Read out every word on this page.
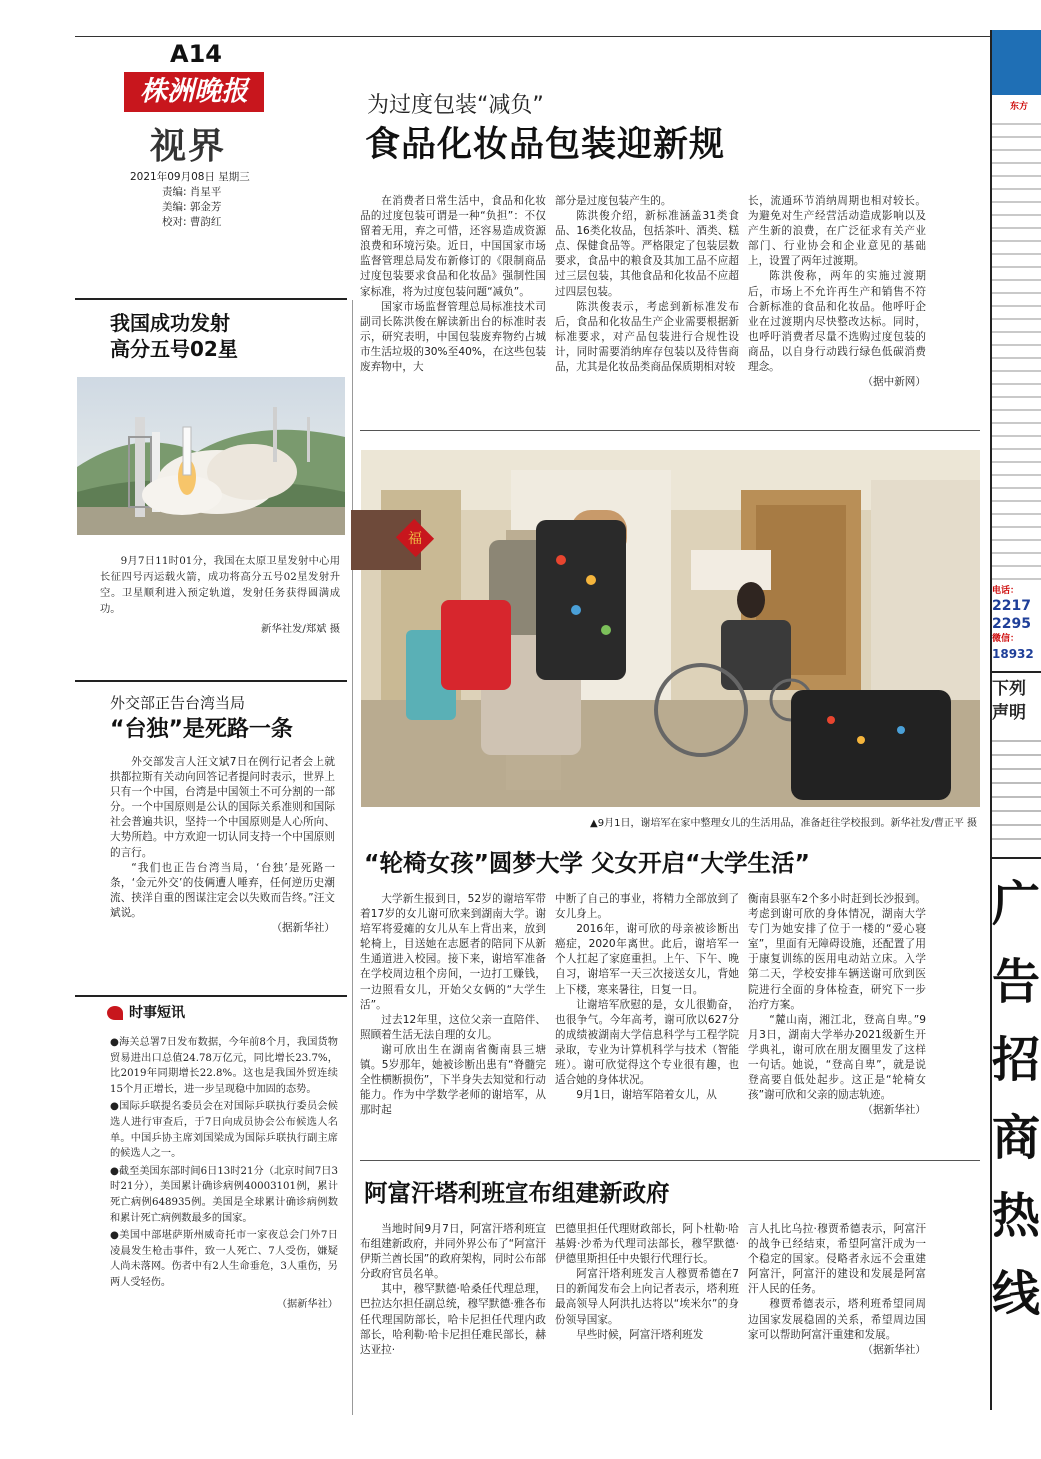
A14
株洲晚报
视界
2021年09月08日 星期三
责编: 肖星平
美编: 郭金芳
校对: 曹韵红
为过度包装“减负”
食品化妆品包装迎新规

在消费者日常生活中，食品和化妆品的过度包装可谓是一种“负担”：不仅留着无用，弃之可惜，还容易造成资源浪费和环境污染。近日，中国国家市场监督管理总局发布新修订的《限制商品过度包装要求食品和化妆品》强制性国家标准，将为过度包装问题“减负”。

国家市场监督管理总局标准技术司副司长陈洪俊在解读新出台的标准时表示，研究表明，中国包装废弃物约占城市生活垃圾的30%至40%，在这些包装废弃物中，大

部分是过度包装产生的。

陈洪俊介绍，新标准涵盖31类食品、16类化妆品，包括茶叶、酒类、糕点、保健食品等。严格限定了包装层数要求，食品中的粮食及其加工品不应超过三层包装，其他食品和化妆品不应超过四层包装。

陈洪俊表示，考虑到新标准发布后，食品和化妆品生产企业需要根据新标准要求，对产品包装进行合规性设计，同时需要消纳库存包装以及待售商品，尤其是化妆品类商品保质期相对较

长，流通环节消纳周期也相对较长。为避免对生产经营活动造成影响以及产生新的浪费，在广泛征求有关产业部门、行业协会和企业意见的基础上，设置了两年过渡期。

陈洪俊称，两年的实施过渡期后，市场上不允许再生产和销售不符合新标准的食品和化妆品。他呼吁企业在过渡期内尽快整改达标。同时，也呼吁消费者尽量不选购过度包装的商品，以自身行动践行绿色低碳消费理念。

（据中新网）
我国成功发射
高分五号02星

9月7日11时01分，我国在太原卫星发射中心用长征四号丙运载火箭，成功将高分五号02星发射升空。卫星顺利进入预定轨道，发射任务获得圆满成功。

新华社发/郑斌 摄
外交部正告台湾当局
“台独”是死路一条

外交部发言人汪文斌7日在例行记者会上就拱都拉斯有关动向回答记者提问时表示，世界上只有一个中国，台湾是中国领土不可分割的一部分。一个中国原则是公认的国际关系准则和国际社会普遍共识，坚持一个中国原则是人心所向、大势所趋。中方欢迎一切认同支持一个中国原则的言行。

“我们也正告台湾当局，‘台独’是死路一条，‘金元外交’的伎俩遭人唾弃，任何逆历史潮流、挟洋自重的图谋注定会以失败而告终。”汪文斌说。

（据新华社）
时事短讯

●海关总署7日发布数据，今年前8个月，我国货物贸易进出口总值24.78万亿元，同比增长23.7%，比2019年同期增长22.8%。这也是我国外贸连续15个月正增长，进一步呈现稳中加固的态势。

●国际乒联提名委员会在对国际乒联执行委员会候选人进行审查后，于7日向成员协会公布候选人名单。中国乒协主席刘国梁成为国际乒联执行副主席的候选人之一。

●截至美国东部时间6日13时21分（北京时间7日3时21分），美国累计确诊病例40003101例，累计死亡病例648935例。美国是全球累计确诊病例数和累计死亡病例数最多的国家。

●美国中部堪萨斯州威奇托市一家夜总会门外7日凌晨发生枪击事件，致一人死亡、7人受伤，嫌疑人尚未落网。伤者中有2人生命垂危，3人重伤，另两人受轻伤。

（据新华社）
福
▲9月1日，谢培军在家中整理女儿的生活用品，准备赶往学校报到。新华社发/曹正平 摄
“轮椅女孩”圆梦大学 父女开启“大学生活”

大学新生报到日，52岁的谢培军带着17岁的女儿谢可欣来到湖南大学。谢培军将爱瘫的女儿从车上背出来，放到轮椅上，目送她在志愿者的陪同下从新生通道进入校园。接下来，谢培军准备在学校周边租个房间，一边打工赚钱，一边照看女儿，开始父女俩的“大学生活”。

过去12年里，这位父亲一直陪伴、照顾着生活无法自理的女儿。

谢可欣出生在湖南省衡南县三塘镇。5岁那年，她被诊断出患有“脊髓完全性横断损伤”，下半身失去知觉和行动能力。作为中学数学老师的谢培军，从那时起

中断了自己的事业，将精力全部放到了女儿身上。

2016年，谢可欣的母亲被诊断出癌症，2020年离世。此后，谢培军一个人扛起了家庭重担。上午、下午、晚自习，谢培军一天三次接送女儿，背她上下楼，寒来暑往，日复一日。

让谢培军欣慰的是，女儿很勤奋，也很争气。今年高考，谢可欣以627分的成绩被湖南大学信息科学与工程学院录取，专业为计算机科学与技术（智能班）。谢可欣觉得这个专业很有趣，也适合她的身体状况。

9月1日，谢培军陪着女儿，从

衡南县驱车2个多小时赶到长沙报到。考虑到谢可欣的身体情况，湖南大学专门为她安排了位于一楼的“爱心寝室”，里面有无障碍设施，还配置了用于康复训练的医用电动站立床。入学第二天，学校安排车辆送谢可欣到医院进行全面的身体检查，研究下一步治疗方案。

“麓山南，湘江北，登高自卑。”9月3日，湖南大学举办2021级新生开学典礼，谢可欣在朋友圈里发了这样一句话。她说，“登高自卑”，就是说登高要自低处起步。这正是“轮椅女孩”谢可欣和父亲的励志轨迹。

（据新华社）
阿富汗塔利班宣布组建新政府

当地时间9月7日，阿富汗塔利班宣布组建新政府，并同外界公布了“阿富汗伊斯兰酋长国”的政府架构，同时公布部分政府官员名单。

其中，穆罕默德·哈桑任代理总理，巴拉达尔担任副总统，穆罕默德·雅各布任代理国防部长，哈卡尼担任代理内政部长，哈利勒·哈卡尼担任难民部长，赫达亚拉·

巴德里担任代理财政部长，阿卜杜勒·哈基姆·沙希为代理司法部长，穆罕默德·伊德里斯担任中央银行代理行长。

阿富汗塔利班发言人穆贾希德在7日的新闻发布会上向记者表示，塔利班最高领导人阿洪扎达将以“埃米尔”的身份领导国家。

早些时候，阿富汗塔利班发

言人扎比乌拉·穆贾希德表示，阿富汗的战争已经结束，希望阿富汗成为一个稳定的国家。侵略者永远不会重建阿富汗，阿富汗的建设和发展是阿富汗人民的任务。

穆贾希德表示，塔利班希望同周边国家发展稳固的关系，希望周边国家可以帮助阿富汗重建和发展。

（据新华社）
东方
电话：
2217
2295
微信：
18932
下列
声明
广告招商热线
